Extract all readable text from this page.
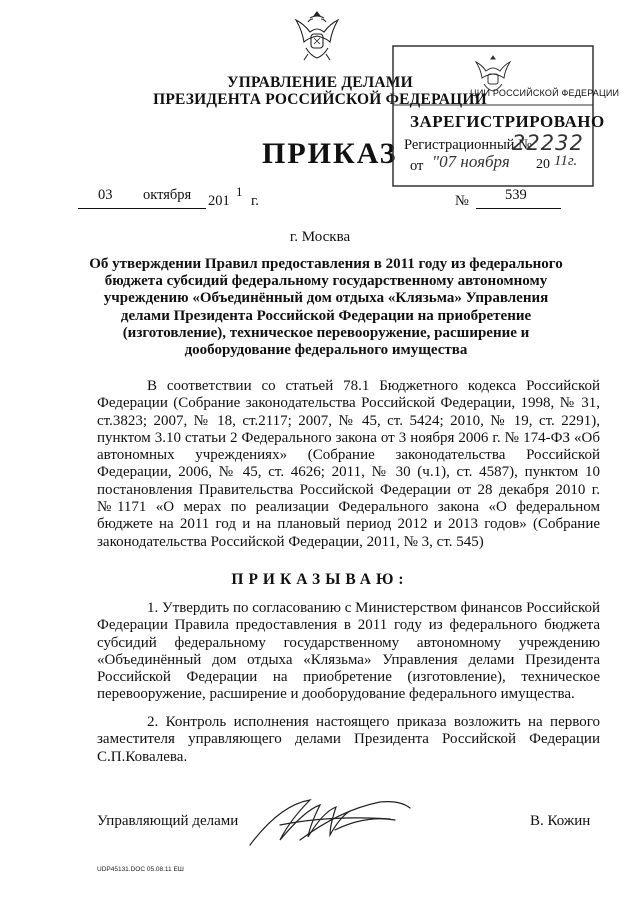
УПРАВЛЕНИЕ ДЕЛАМИ
ПРЕЗИДЕНТА РОССИЙСКОЙ ФЕДЕРАЦИИ
ПРИКАЗ
ЦИИ РОССИЙСКОЙ ФЕДЕРАЦИИ
ЗАРЕГИСТРИРОВАНО
Регистрационный №
22232
от "07 ноября 20 11г.
03 октября 201
1
г.	№ 539
г. Москва
Об утверждении Правил предоставления в 2011 году из федерального бюджета субсидий федеральному государственному автономному учреждению «Объединённый дом отдыха «Клязьма» Управления делами Президента Российской Федерации на приобретение (изготовление), техническое перевооружение, расширение и дооборудование федерального имущества

В соответствии со статьей 78.1 Бюджетного кодекса Российской Федерации (Собрание законодательства Российской Федерации, 1998, № 31, ст.3823; 2007, № 18, ст.2117; 2007, № 45, ст. 5424; 2010, № 19, ст. 2291), пунктом 3.10 статьи 2 Федерального закона от 3 ноября 2006 г. № 174-ФЗ «Об автономных учреждениях» (Собрание законодательства Российской Федерации, 2006, № 45, ст. 4626; 2011, № 30 (ч.1), ст. 4587), пунктом 10 постановления Правительства Российской Федерации от 28 декабря 2010 г. №1171 «О мерах по реализации Федерального закона «О федеральном бюджете на 2011 год и на плановый период 2012 и 2013 годов» (Собрание законодательства Российской Федерации, 2011, № 3, ст. 545)

ПРИКАЗЫВАЮ:

1. Утвердить по согласованию с Министерством финансов Российской Федерации Правила предоставления в 2011 году из федерального бюджета субсидий федеральному государственному автономному учреждению «Объединённый дом отдыха «Клязьма» Управления делами Президента Российской Федерации на приобретение (изготовление), техническое перевооружение, расширение и дооборудование федерального имущества.

2. Контроль исполнения настоящего приказа возложить на первого заместителя управляющего делами Президента Российской Федерации С.П.Ковалева.

Управляющий делами	В. Кожин
UDP45131.DOC 05.08.11 ЕШ
